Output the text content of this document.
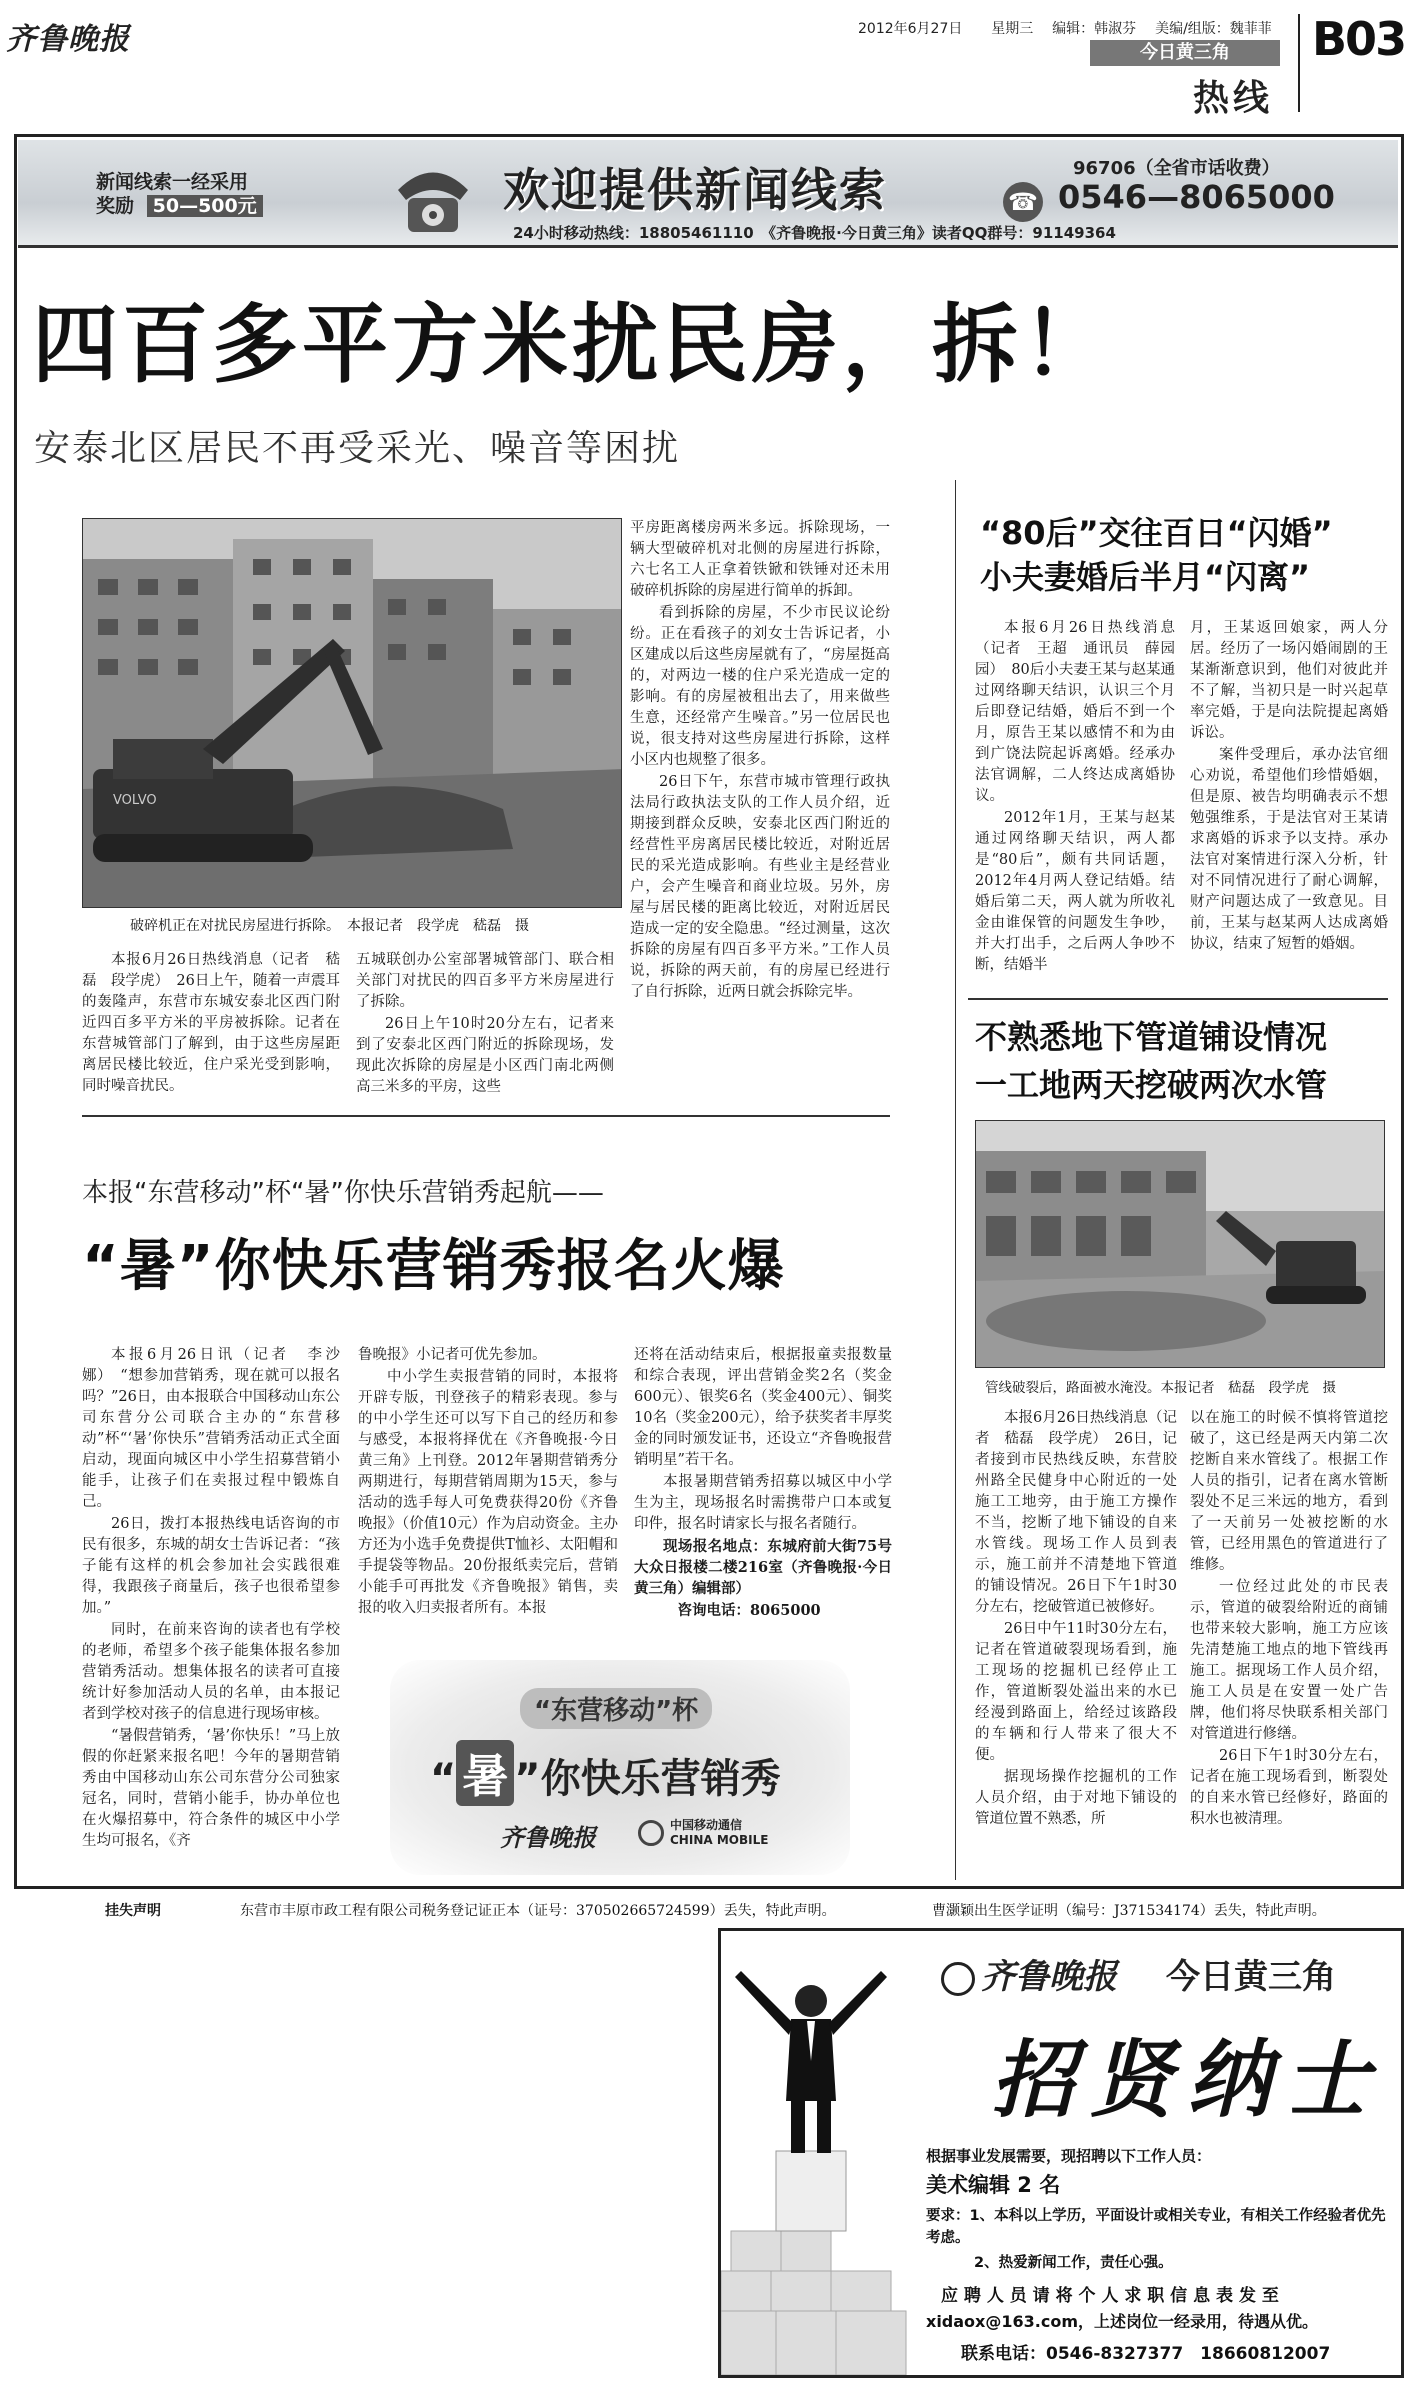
齐鲁晚报	2012年6月27日 星期三 编辑：韩淑芬 美编/组版：魏菲菲
今日黄三角
热线
B03
新闻线索一经采用
奖励 50—500元	欢迎提供新闻线索	96706（全省市话收费）
☎ 0546—8065000
24小时移动热线：18805461110　《齐鲁晚报·今日黄三角》读者QQ群号：91149364
四百多平方米扰民房，拆！
安泰北区居民不再受采光、噪音等困扰
VOLVO
破碎机正在对扰民房屋进行拆除。　本报记者　段学虎　嵇磊　摄

本报6月26日热线消息（记者　嵇磊　段学虎）　26日上午，随着一声震耳的轰隆声，东营市东城安泰北区西门附近四百多平方米的平房被拆除。记者在东营城管部门了解到，由于这些房屋距离居民楼比较近，住户采光受到影响，同时噪音扰民。

五城联创办公室部署城管部门、联合相关部门对扰民的四百多平方米房屋进行了拆除。

26日上午10时20分左右，记者来到了安泰北区西门附近的拆除现场，发现此次拆除的房屋是小区西门南北两侧高三米多的平房，这些

平房距离楼房两米多远。拆除现场，一辆大型破碎机对北侧的房屋进行拆除，六七名工人正拿着铁锨和铁锤对还未用破碎机拆除的房屋进行简单的拆卸。

看到拆除的房屋，不少市民议论纷纷。正在看孩子的刘女士告诉记者，小区建成以后这些房屋就有了，“房屋挺高的，对两边一楼的住户采光造成一定的影响。有的房屋被租出去了，用来做些生意，还经常产生噪音。”另一位居民也说，很支持对这些房屋进行拆除，这样小区内也规整了很多。

26日下午，东营市城市管理行政执法局行政执法支队的工作人员介绍，近期接到群众反映，安泰北区西门附近的经营性平房离居民楼比较近，对附近居民的采光造成影响。有些业主是经营业户，会产生噪音和商业垃圾。另外，房屋与居民楼的距离比较近，对附近居民造成一定的安全隐患。“经过测量，这次拆除的房屋有四百多平方米。”工作人员说，拆除的两天前，有的房屋已经进行了自行拆除，近两日就会拆除完毕。

“80后”交往百日“闪婚”
小夫妻婚后半月“闪离”

本报6月26日热线消息（记者　王超　通讯员　薛园园）　80后小夫妻王某与赵某通过网络聊天结识，认识三个月后即登记结婚，婚后不到一个月，原告王某以感情不和为由到广饶法院起诉离婚。经承办法官调解，二人终达成离婚协议。

2012年1月，王某与赵某通过网络聊天结识，两人都是“80后”，颇有共同话题，2012年4月两人登记结婚。结婚后第二天，两人就为所收礼金由谁保管的问题发生争吵，并大打出手，之后两人争吵不断，结婚半

月，王某返回娘家，两人分居。经历了一场闪婚闹剧的王某渐渐意识到，他们对彼此并不了解，当初只是一时兴起草率完婚，于是向法院提起离婚诉讼。

案件受理后，承办法官细心劝说，希望他们珍惜婚姻，但是原、被告均明确表示不想勉强维系，于是法官对王某请求离婚的诉求予以支持。承办法官对案情进行深入分析，针对不同情况进行了耐心调解，财产问题达成了一致意见。目前，王某与赵某两人达成离婚协议，结束了短暂的婚姻。

不熟悉地下管道铺设情况
一工地两天挖破两次水管
管线破裂后，路面被水淹没。本报记者　嵇磊　段学虎　摄

本报6月26日热线消息（记者　嵇磊　段学虎）　26日，记者接到市民热线反映，东营胶州路全民健身中心附近的一处施工工地旁，由于施工方操作不当，挖断了地下铺设的自来水管线。现场工作人员到表示，施工前并不清楚地下管道的铺设情况。26日下午1时30分左右，挖破管道已被修好。

26日中午11时30分左右，记者在管道破裂现场看到，施工现场的挖掘机已经停止工作，管道断裂处溢出来的水已经漫到路面上，给经过该路段的车辆和行人带来了很大不便。

据现场操作挖掘机的工作人员介绍，由于对地下铺设的管道位置不熟悉，所

以在施工的时候不慎将管道挖破了，这已经是两天内第二次挖断自来水管线了。根据工作人员的指引，记者在离水管断裂处不足三米远的地方，看到了一天前另一处被挖断的水管，已经用黑色的管道进行了维修。

一位经过此处的市民表示，管道的破裂给附近的商铺也带来较大影响，施工方应该先清楚施工地点的地下管线再施工。据现场工作人员介绍，施工人员是在安置一处广告牌，他们将尽快联系相关部门对管道进行修缮。

26日下午1时30分左右，记者在施工现场看到，断裂处的自来水管已经修好，路面的积水也被清理。

本报“东营移动”杯“暑”你快乐营销秀起航——
“暑”你快乐营销秀报名火爆

本报6月26日讯（记者　李沙娜）　“想参加营销秀，现在就可以报名吗？”26日，由本报联合中国移动山东公司东营分公司联合主办的“东营移动”杯“‘暑’你快乐”营销秀活动正式全面启动，现面向城区中小学生招募营销小能手，让孩子们在卖报过程中锻炼自己。

26日，拨打本报热线电话咨询的市民有很多，东城的胡女士告诉记者：“孩子能有这样的机会参加社会实践很难得，我跟孩子商量后，孩子也很希望参加。”

同时，在前来咨询的读者也有学校的老师，希望多个孩子能集体报名参加营销秀活动。想集体报名的读者可直接统计好参加活动人员的名单，由本报记者到学校对孩子的信息进行现场审核。

“暑假营销秀，‘暑’你快乐！”马上放假的你赶紧来报名吧！今年的暑期营销秀由中国移动山东公司东营分公司独家冠名，同时，营销小能手，协办单位也在火爆招募中，符合条件的城区中小学生均可报名，《齐

鲁晚报》小记者可优先参加。

中小学生卖报营销的同时，本报将开辟专版，刊登孩子的精彩表现。参与的中小学生还可以写下自己的经历和参与感受，本报将择优在《齐鲁晚报·今日黄三角》上刊登。2012年暑期营销秀分两期进行，每期营销周期为15天，参与活动的选手每人可免费获得20份《齐鲁晚报》（价值10元）作为启动资金。主办方还为小选手免费提供T恤衫、太阳帽和手提袋等物品。20份报纸卖完后，营销小能手可再批发《齐鲁晚报》销售，卖报的收入归卖报者所有。本报

还将在活动结束后，根据报童卖报数量和综合表现，评出营销金奖2名（奖金600元）、银奖6名（奖金400元）、铜奖10名（奖金200元），给予获奖者丰厚奖金的同时颁发证书，还设立“齐鲁晚报营销明星”若干名。

本报暑期营销秀招募以城区中小学生为主，现场报名时需携带户口本或复印件，报名时请家长与报名者随行。

现场报名地点：东城府前大街75号大众日报楼二楼216室（齐鲁晚报·今日黄三角）编辑部）

咨询电话：8065000

“东营移动”杯
“ 暑 ”你快乐营销秀
齐鲁晚报	中国移动通信
CHINA MOBILE
挂失声明	东营市丰原市政工程有限公司税务登记证正本（证号：370502665724599）丢失，特此声明。	曹灏颖出生医学证明（编号：J371534174）丢失，特此声明。
齐鲁晚报 今日黄三角
招贤纳士
根据事业发展需要，现招聘以下工作人员：
美术编辑 2 名
要求：1、本科以上学历，平面设计或相关专业，有相关工作经验者优先考虑。
2、热爱新闻工作，责任心强。
应 聘 人 员 请 将 个 人 求 职 信 息 表 发 至
xidaox@163.com，上述岗位一经录用，待遇从优。
联系电话：0546-8327377　18660812007
